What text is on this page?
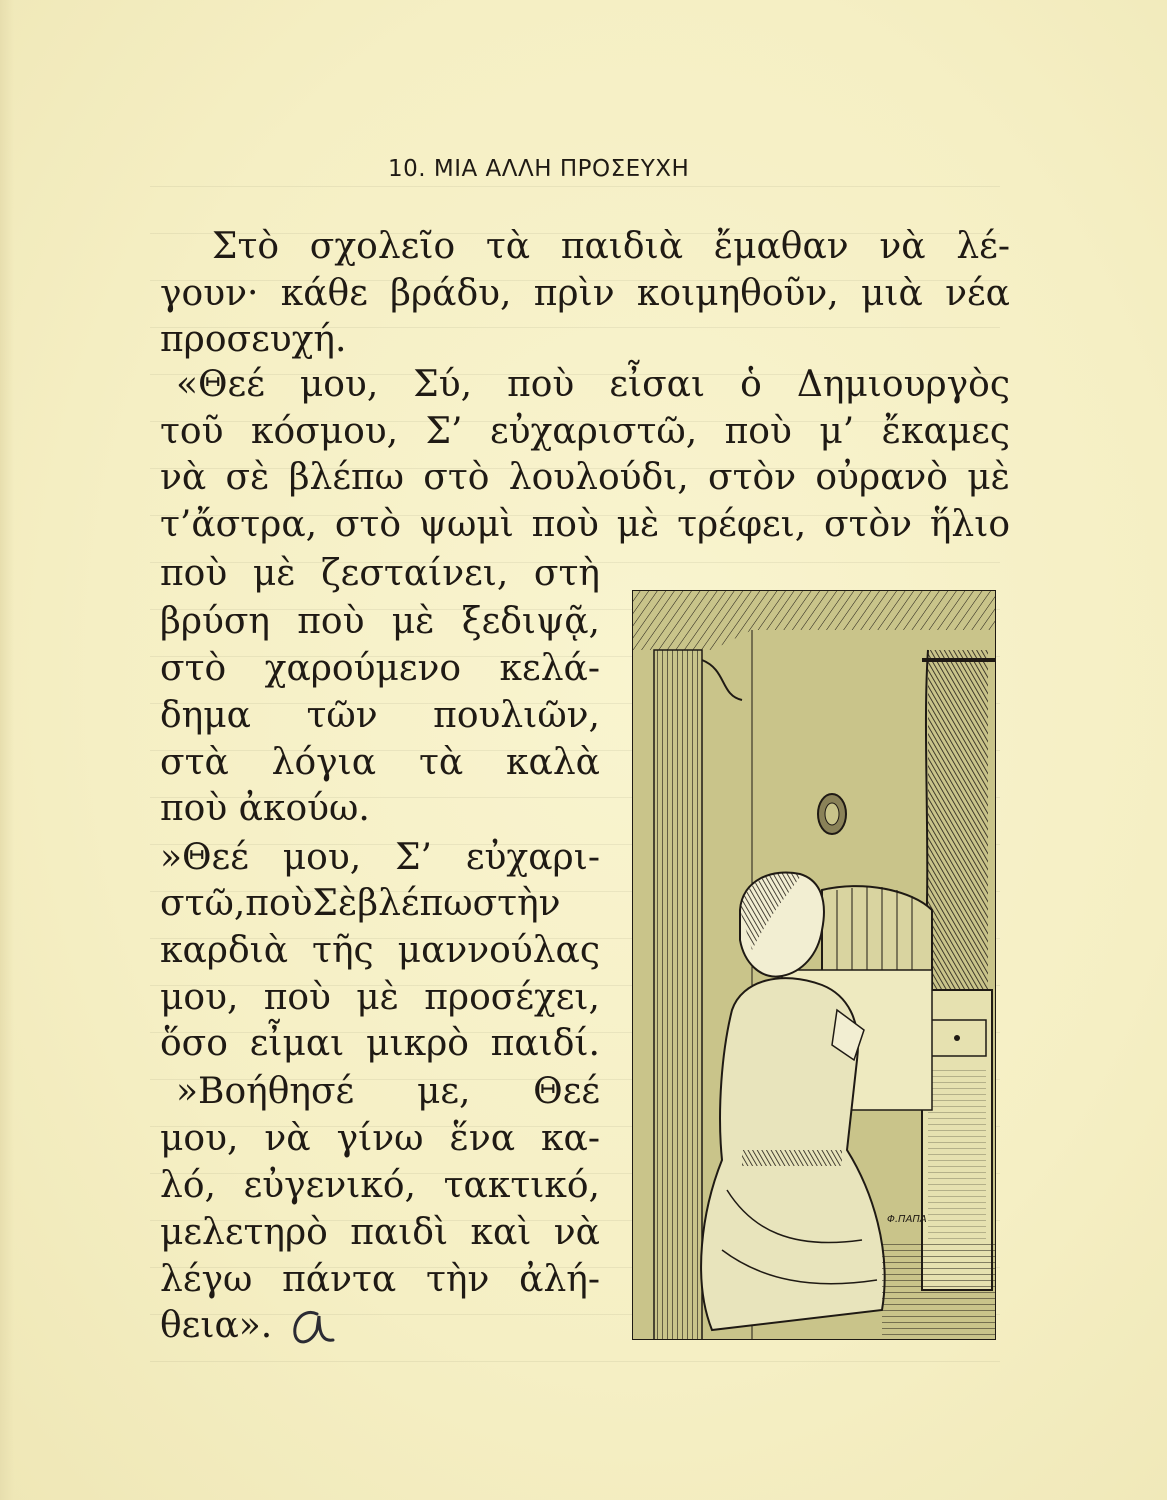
10. ΜΙΑ ΑΛΛΗ ΠΡΟΣΕΥΧΗ
Στὸ σχολεῖο τὰ παιδιὰ ἔμαθαν νὰ λέ-
γουν· κάθε βράδυ, πρὶν κοιμηθοῦν, μιὰ νέα
προσευχή.
«Θεέ μου, Σύ, ποὺ εἶσαι ὁ Δημιουργὸς
τοῦ κόσμου, Σ’ εὐχαριστῶ, ποὺ μ’ ἔκαμες
νὰ σὲ βλέπω στὸ λουλούδι, στὸν οὐρανὸ μὲ
τ’ἄστρα, στὸ ψωμὶ ποὺ μὲ τρέφει, στὸν ἥλιο
ποὺ μὲ ζεσταίνει, στὴ
βρύση ποὺ μὲ ξεδιψᾷ,
στὸ χαρούμενο κελά-
δημα τῶν πουλιῶν,
στὰ λόγια τὰ καλὰ
ποὺ ἀκούω.
»Θεέ μου, Σ’ εὐχαρι-
στῶ,ποὺΣὲβλέπωστὴν
καρδιὰ τῆς μαννούλας
μου, ποὺ μὲ προσέχει,
ὅσο εἶμαι μικρὸ παιδί.
»Βοήθησέ με, Θεέ
μου, νὰ γίνω ἕνα κα-
λό, εὐγενικό, τακτικό,
μελετηρὸ παιδὶ καὶ νὰ
λέγω πάντα τὴν ἀλή-
θεια».
Φ.ΠΑΠΑ
